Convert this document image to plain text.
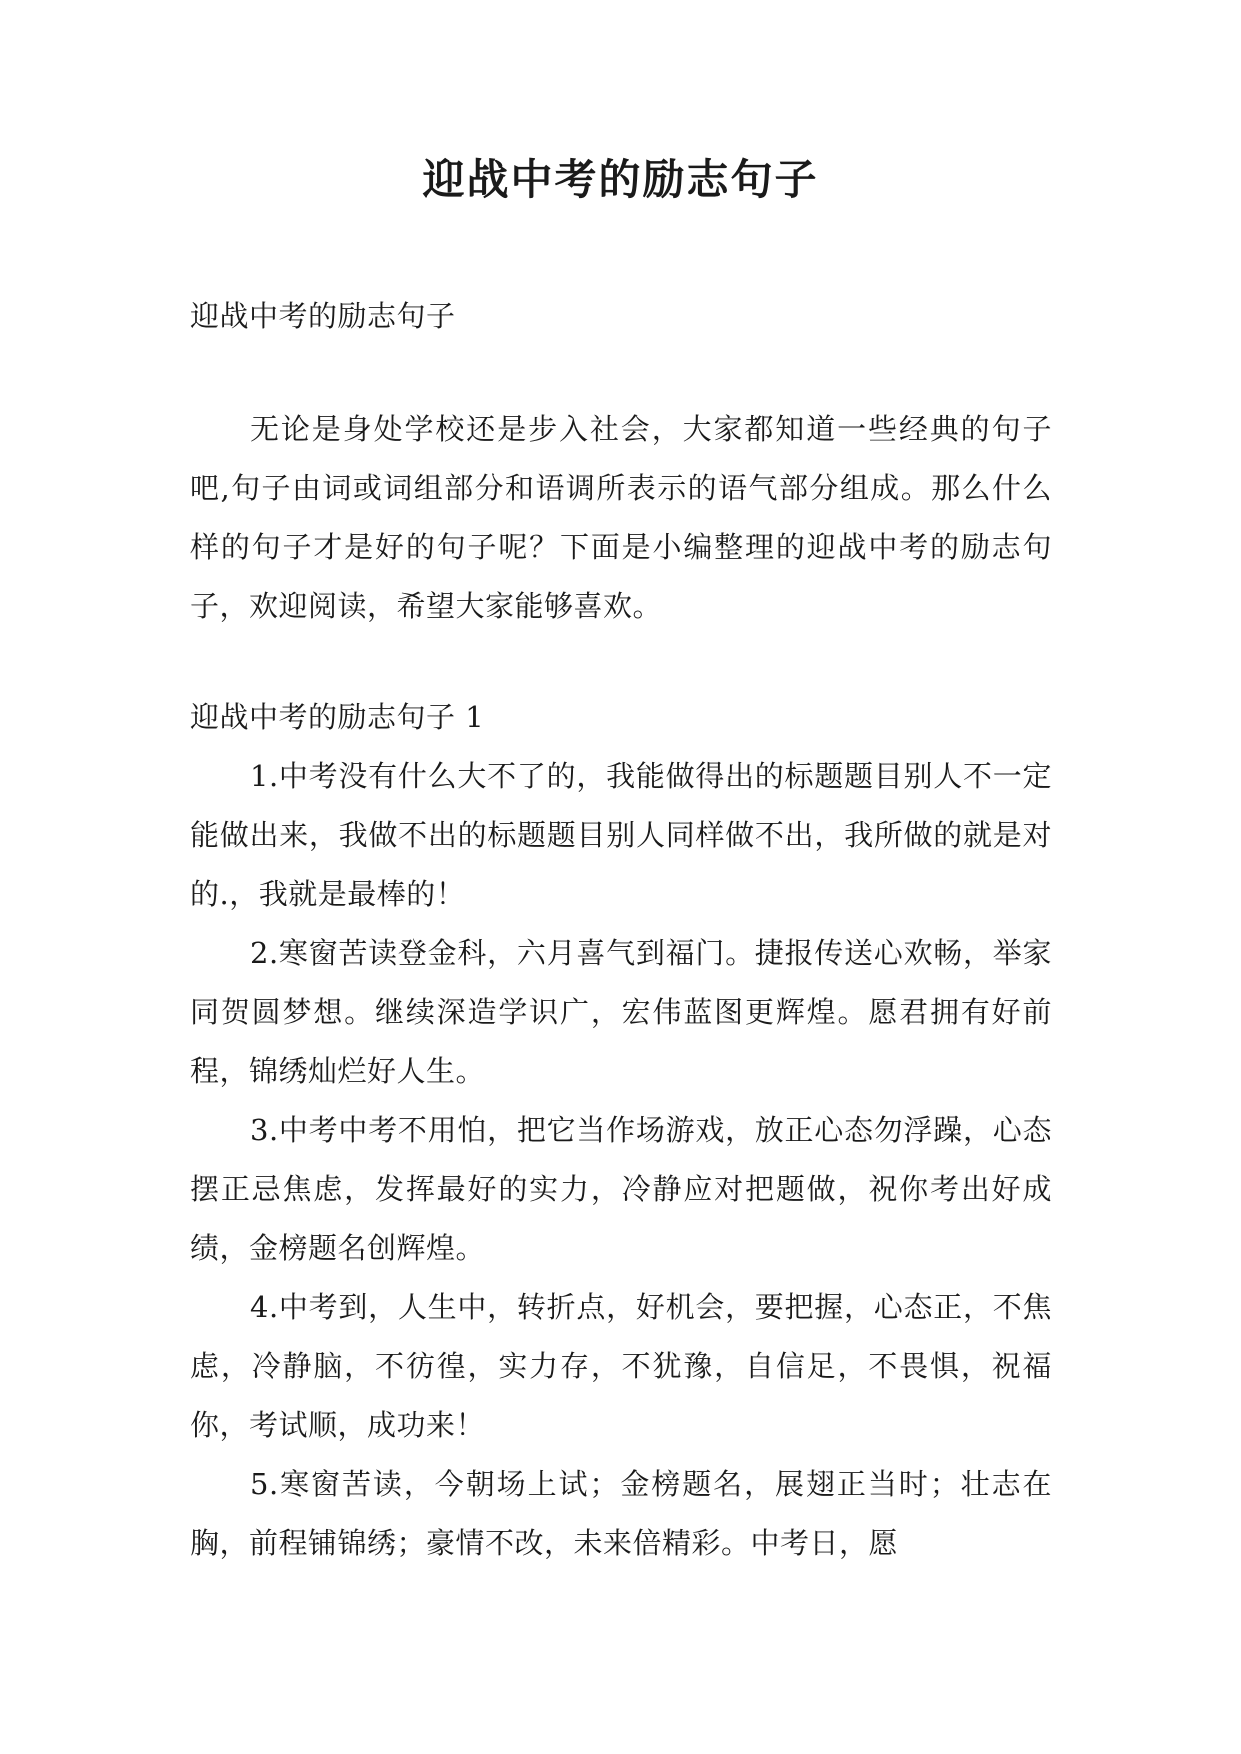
迎战中考的励志句子

迎战中考的励志句子

无论是身处学校还是步入社会，大家都知道一些经典的句子吧,句子由词或词组部分和语调所表示的语气部分组成。那么什么样的句子才是好的句子呢？下面是小编整理的迎战中考的励志句子，欢迎阅读，希望大家能够喜欢。

迎战中考的励志句子 1

1.中考没有什么大不了的，我能做得出的标题题目别人不一定能做出来，我做不出的标题题目别人同样做不出，我所做的就是对的.，我就是最棒的！

2.寒窗苦读登金科，六月喜气到福门。捷报传送心欢畅，举家同贺圆梦想。继续深造学识广，宏伟蓝图更辉煌。愿君拥有好前程，锦绣灿烂好人生。

3.中考中考不用怕，把它当作场游戏，放正心态勿浮躁，心态摆正忌焦虑，发挥最好的实力，冷静应对把题做，祝你考出好成绩，金榜题名创辉煌。

4.中考到，人生中，转折点，好机会，要把握，心态正，不焦虑，冷静脑，不彷徨，实力存，不犹豫，自信足，不畏惧，祝福你，考试顺，成功来！

5.寒窗苦读，今朝场上试；金榜题名，展翅正当时；壮志在胸，前程铺锦绣；豪情不改，未来倍精彩。中考日，愿
